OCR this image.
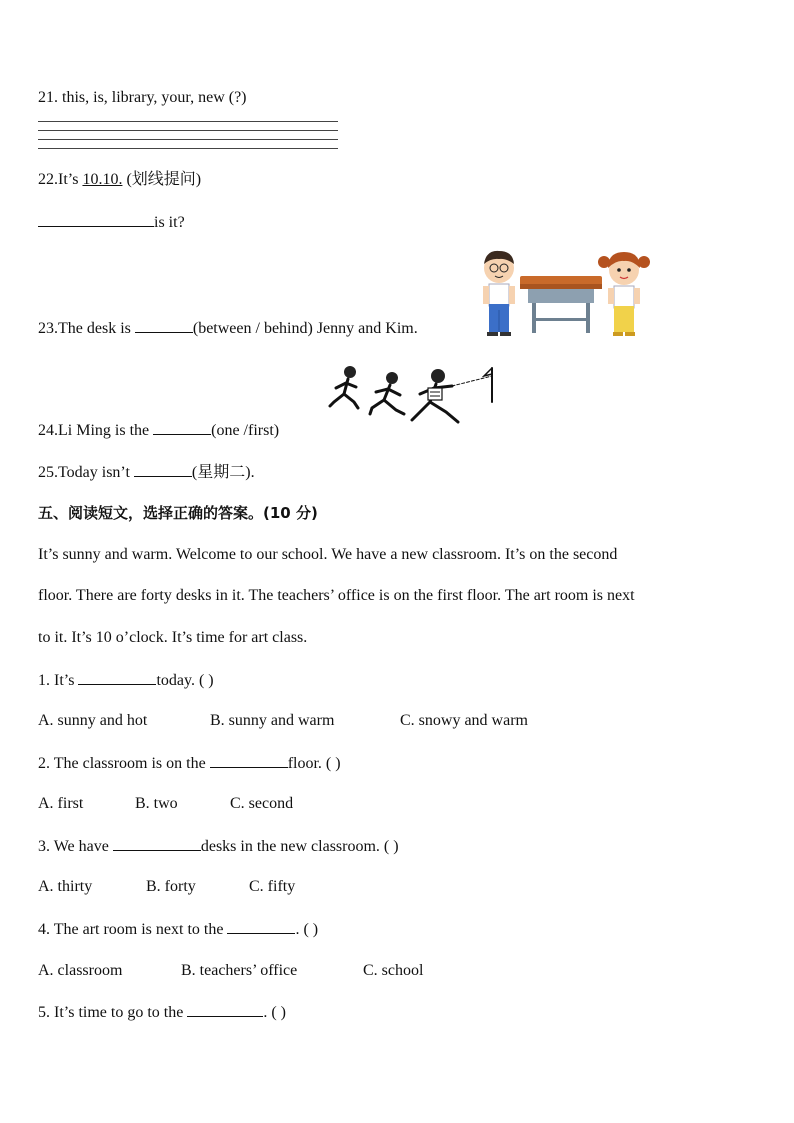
21. this, is, library, your, new (?)
22.It’s 10.10. (划线提问)
is it?
23.The desk is	(between / behind) Jenny and Kim.
24.Li Ming is the	(one /first)
25.Today isn’t	(星期二).
五、阅读短文，选择正确的答案。(10 分)
It’s sunny and warm. Welcome to our school. We have a new classroom. It’s on the second
floor. There are forty desks in it. The teachers’ office is on the first floor. The art room is next
to it. It’s 10 o’clock. It’s time for art class.
1. It’s	today. ( )
A. sunny and hot	B. sunny and warm	C. snowy and warm
2. The classroom is on the	floor. ( )
A. first	B. two	C. second
3. We have	desks in the new classroom. ( )
A. thirty	B. forty	C. fifty
4. The art room is next to the	. ( )
A. classroom	B. teachers’ office	C. school
5. It’s time to go to the	. ( )
